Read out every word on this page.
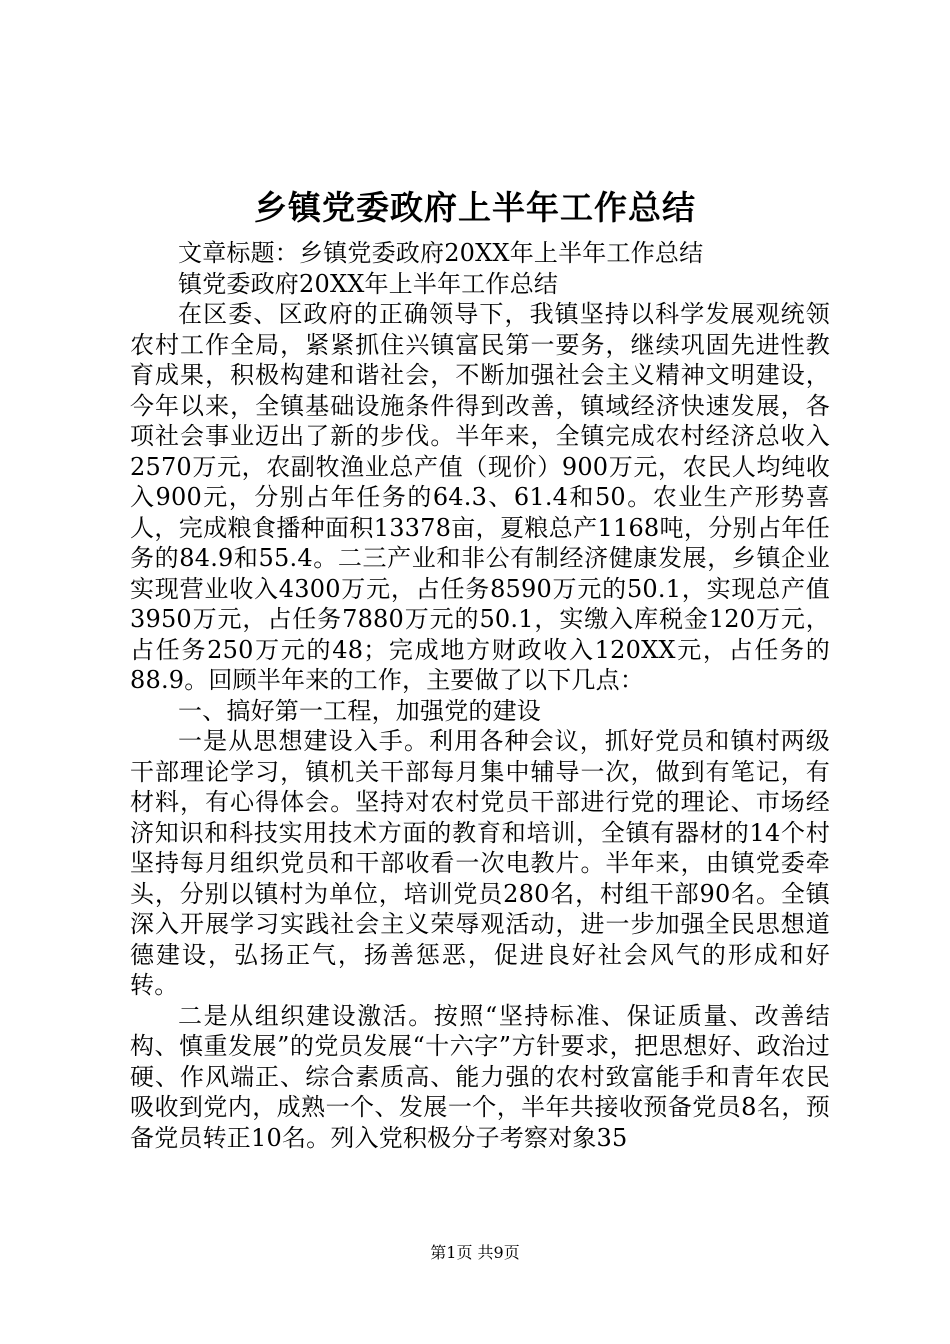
乡镇党委政府上半年工作总结

文章标题：乡镇党委政府20XX年上半年工作总结

镇党委政府20XX年上半年工作总结

在区委、区政府的正确领导下，我镇坚持以科学发展观统领农村工作全局，紧紧抓住兴镇富民第一要务，继续巩固先进性教育成果，积极构建和谐社会，不断加强社会主义精神文明建设，今年以来，全镇基础设施条件得到改善，镇域经济快速发展，各项社会事业迈出了新的步伐。半年来，全镇完成农村经济总收入2570万元，农副牧渔业总产值（现价）900万元，农民人均纯收入900元，分别占年任务的64.3、61.4和50。农业生产形势喜人，完成粮食播种面积13378亩，夏粮总产1168吨，分别占年任务的84.9和55.4。二三产业和非公有制经济健康发展，乡镇企业实现营业收入4300万元，占任务8590万元的50.1，实现总产值3950万元，占任务7880万元的50.1，实缴入库税金120万元，占任务250万元的48；完成地方财政收入120XX元，占任务的88.9。回顾半年来的工作，主要做了以下几点：

一、搞好第一工程，加强党的建设

一是从思想建设入手。利用各种会议，抓好党员和镇村两级干部理论学习，镇机关干部每月集中辅导一次，做到有笔记，有材料，有心得体会。坚持对农村党员干部进行党的理论、市场经济知识和科技实用技术方面的教育和培训，全镇有器材的14个村坚持每月组织党员和干部收看一次电教片。半年来，由镇党委牵头，分别以镇村为单位，培训党员280名，村组干部90名。全镇深入开展学习实践社会主义荣辱观活动，进一步加强全民思想道德建设，弘扬正气，扬善惩恶，促进良好社会风气的形成和好转。

二是从组织建设激活。按照“坚持标准、保证质量、改善结构、慎重发展”的党员发展“十六字”方针要求，把思想好、政治过硬、作风端正、综合素质高、能力强的农村致富能手和青年农民吸收到党内，成熟一个、发展一个，半年共接收预备党员8名，预备党员转正10名。列入党积极分子考察对象35

第1页 共9页
